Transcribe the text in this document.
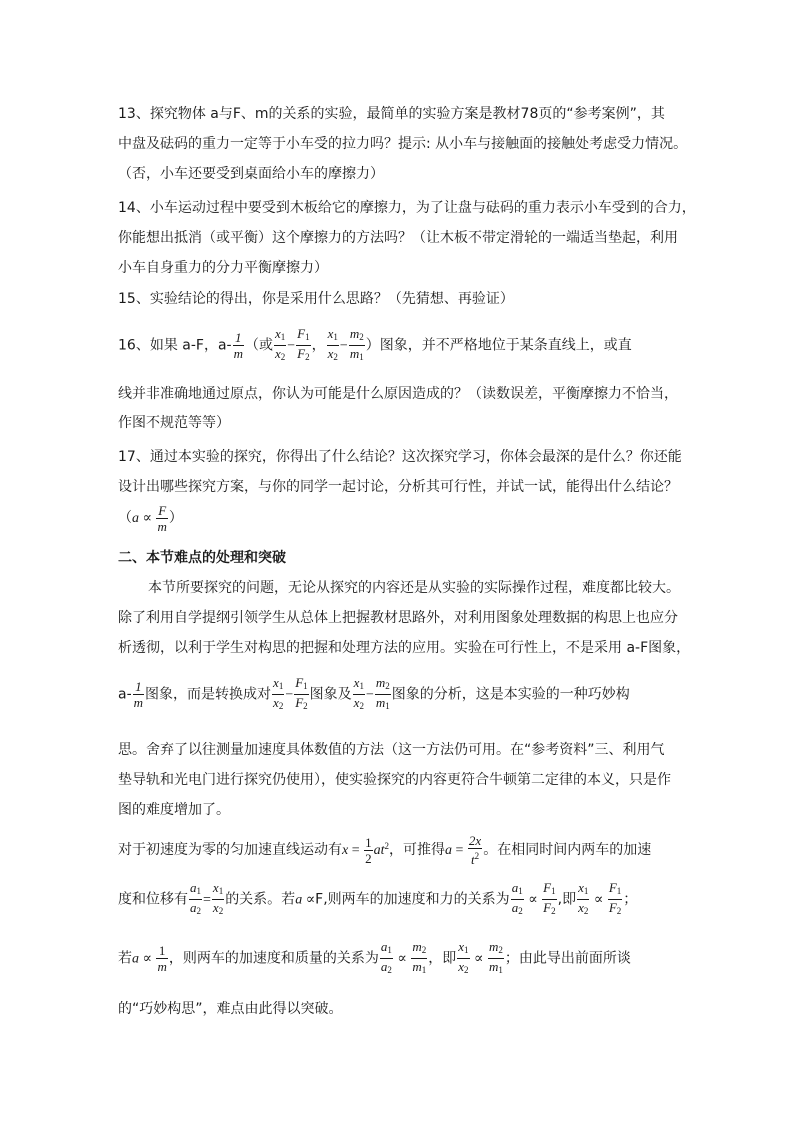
13、探究物体 a与F、m的关系的实验，最简单的实验方案是教材78页的“参考案例”，其
中盘及砝码的重力一定等于小车受的拉力吗？提示: 从小车与接触面的接触处考虑受力情况。
（否，小车还要受到桌面给小车的摩擦力）
14、小车运动过程中要受到木板给它的摩擦力，为了让盘与砝码的重力表示小车受到的合力，
你能想出抵消（或平衡）这个摩擦力的方法吗？（让木板不带定滑轮的一端适当垫起，利用
小车自身重力的分力平衡摩擦力）
15、实验结论的得出，你是采用什么思路？（先猜想、再验证）
16、如果 a-F，$a- \frac{1}{m}$ （或 $\frac{x_1}{x_2} - \frac{F_1}{F_2}$ ， $\frac{x_1}{x_2} - \frac{m_2}{m_1}$ ）图象，并不严格地位于某条直线上，或直
线并非准确地通过原点，你认为可能是什么原因造成的？（读数误差，平衡摩擦力不恰当，
作图不规范等等）
17、通过本实验的探究，你得出了什么结论？这次探究学习，你体会最深的是什么？你还能
设计出哪些探究方案，与你的同学一起讨论，分析其可行性，并试一试，能得出什么结论？
（$a \propto \frac{F}{m}$ ）
二、本节难点的处理和突破
本节所要探究的问题，无论从探究的内容还是从实验的实际操作过程，难度都比较大。
除了利用自学提纲引领学生从总体上把握教材思路外，对利用图象处理数据的构思上也应分
析透彻，以利于学生对构思的把握和处理方法的应用。实验在可行性上，不是采用 a-F图象，
$a- \frac{1}{m}$ 图象，而是转换成对 $\frac{x_1}{x_2} - \frac{F_1}{F_2}$ 图象及 $\frac{x_1}{x_2} - \frac{m_2}{m_1}$ 图象的分析，这是本实验的一种巧妙构
思。舍弃了以往测量加速度具体数值的方法（这一方法仍可用。在“参考资料”三、利用气
垫导轨和光电门进行探究仍使用），使实验探究的内容更符合牛顿第二定律的本义，只是作
图的难度增加了。
对于初速度为零的匀加速直线运动有$x = \frac{1}{2} at^2$，可推得$a = \frac{2x}{t^2}$ 。在相同时间内两车的加速
度和位移有 $\frac{a_1}{a_2} = \frac{x_1}{x_2}$ 的关系。若a ∝F,则两车的加速度和力的关系为 $\frac{a_1}{a_2} \propto \frac{F_1}{F_2}$ ,即 $\frac{x_1}{x_2} \propto \frac{F_1}{F_2}$ ；
若$a \propto \frac{1}{m}$ ，则两车的加速度和质量的关系为 $\frac{a_1}{a_2} \propto \frac{m_2}{m_1}$ ，即 $\frac{x_1}{x_2} \propto \frac{m_2}{m_1}$ ；由此导出前面所谈
的“巧妙构思”，难点由此得以突破。
